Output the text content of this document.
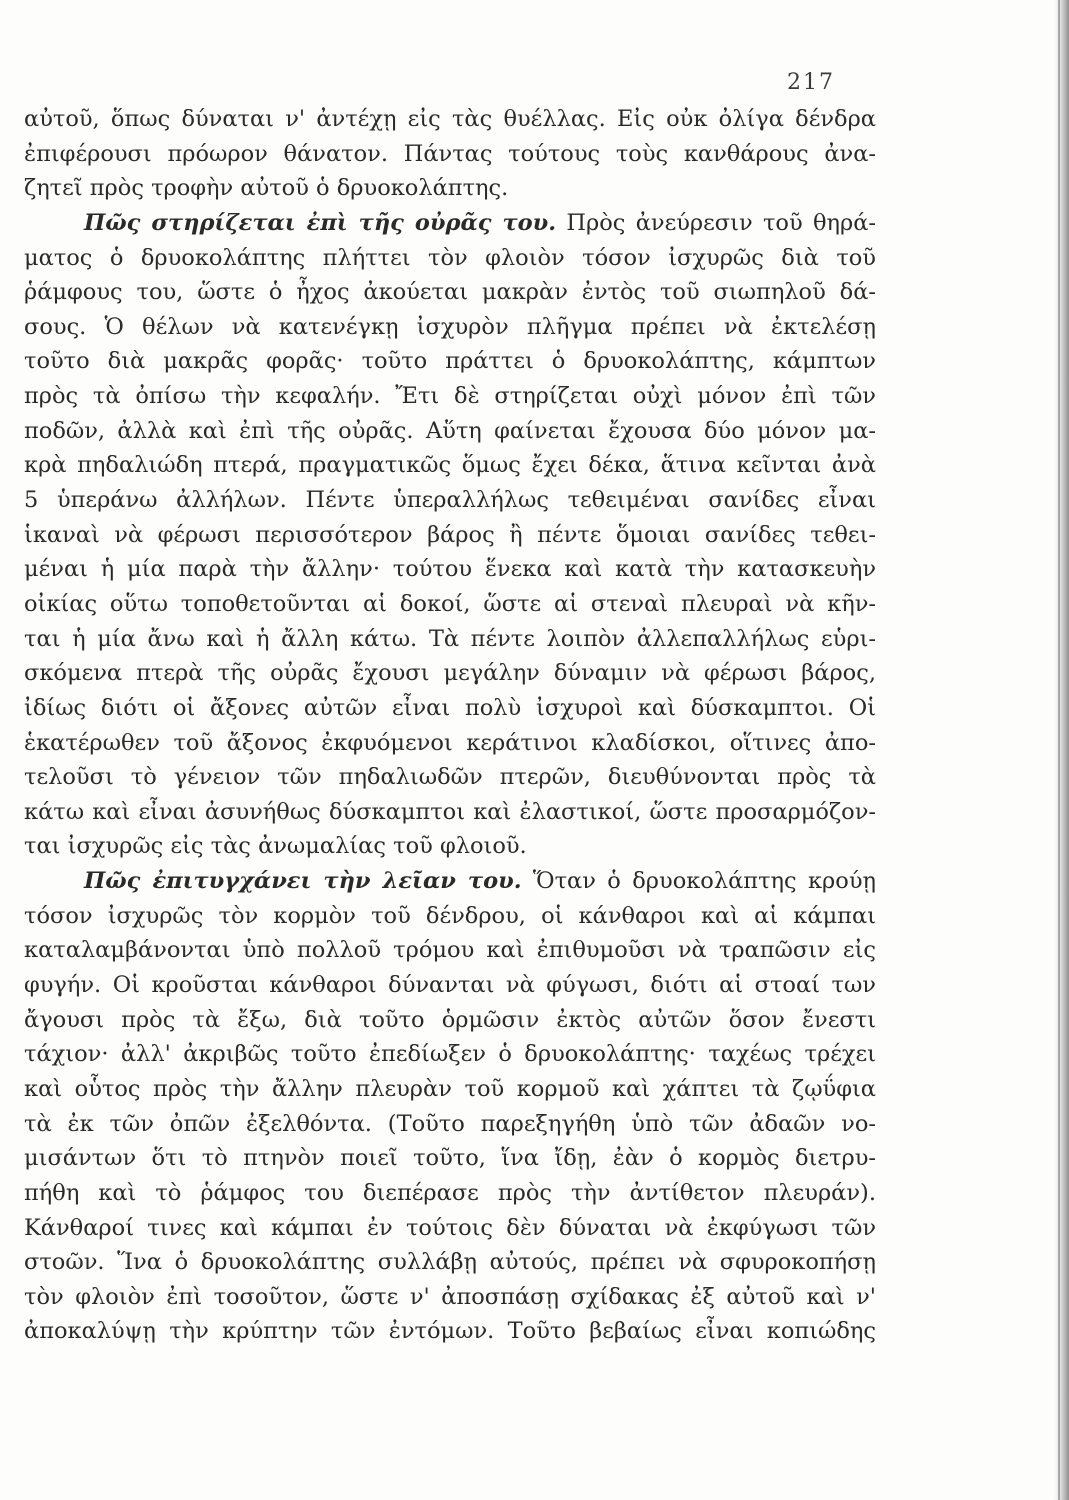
217
αὐτοῦ, ὅπως δύναται ν' ἀντέχῃ εἰς τὰς θυέλλας. Εἰς οὐκ ὀλίγα δένδρα
ἐπιφέρουσι πρόωρον θάνατον. Πάντας τούτους τοὺς κανθάρους ἀνα-
ζητεῖ πρὸς τροφὴν αὐτοῦ ὁ δρυοκολάπτης.
Πῶς στηρίζεται ἐπὶ τῆς οὐρᾶς του. Πρὸς ἀνεύρεσιν τοῦ θηρά-
ματος ὁ δρυοκολάπτης πλήττει τὸν φλοιὸν τόσον ἰσχυρῶς διὰ τοῦ
ῥάμφους του, ὥστε ὁ ἦχος ἀκούεται μακρὰν ἐντὸς τοῦ σιωπηλοῦ δά-
σους. Ὁ θέλων νὰ κατενέγκῃ ἰσχυρὸν πλῆγμα πρέπει νὰ ἐκτελέσῃ
τοῦτο διὰ μακρᾶς φορᾶς· τοῦτο πράττει ὁ δρυοκολάπτης, κάμπτων
πρὸς τὰ ὀπίσω τὴν κεφαλήν. Ἔτι δὲ στηρίζεται οὐχὶ μόνον ἐπὶ τῶν
ποδῶν, ἀλλὰ καὶ ἐπὶ τῆς οὐρᾶς. Αὕτη φαίνεται ἔχουσα δύο μόνον μα-
κρὰ πηδαλιώδη πτερά, πραγματικῶς ὅμως ἔχει δέκα, ἅτινα κεῖνται ἀνὰ
5 ὑπεράνω ἀλλήλων. Πέντε ὑπεραλλήλως τεθειμέναι σανίδες εἶναι
ἱκαναὶ νὰ φέρωσι περισσότερον βάρος ἢ πέντε ὅμοιαι σανίδες τεθει-
μέναι ἡ μία παρὰ τὴν ἄλλην· τούτου ἕνεκα καὶ κατὰ τὴν κατασκευὴν
οἰκίας οὕτω τοποθετοῦνται αἱ δοκοί, ὥστε αἱ στεναὶ πλευραὶ νὰ κῆν-
ται ἡ μία ἄνω καὶ ἡ ἄλλη κάτω. Τὰ πέντε λοιπὸν ἀλλεπαλλήλως εὑρι-
σκόμενα πτερὰ τῆς οὐρᾶς ἔχουσι μεγάλην δύναμιν νὰ φέρωσι βάρος,
ἰδίως διότι οἱ ἄξονες αὐτῶν εἶναι πολὺ ἰσχυροὶ καὶ δύσκαμπτοι. Οἱ
ἑκατέρωθεν τοῦ ἄξονος ἐκφυόμενοι κεράτινοι κλαδίσκοι, οἵτινες ἀπο-
τελοῦσι τὸ γένειον τῶν πηδαλιωδῶν πτερῶν, διευθύνονται πρὸς τὰ
κάτω καὶ εἶναι ἀσυνήθως δύσκαμπτοι καὶ ἐλαστικοί, ὥστε προσαρμόζον-
ται ἰσχυρῶς εἰς τὰς ἀνωμαλίας τοῦ φλοιοῦ.
Πῶς ἐπιτυγχάνει τὴν λεῖαν του. Ὅταν ὁ δρυοκολάπτης κρούῃ
τόσον ἰσχυρῶς τὸν κορμὸν τοῦ δένδρου, οἱ κάνθαροι καὶ αἱ κάμπαι
καταλαμβάνονται ὑπὸ πολλοῦ τρόμου καὶ ἐπιθυμοῦσι νὰ τραπῶσιν εἰς
φυγήν. Οἱ κροῦσται κάνθαροι δύνανται νὰ φύγωσι, διότι αἱ στοαί των
ἄγουσι πρὸς τὰ ἔξω, διὰ τοῦτο ὁρμῶσιν ἐκτὸς αὐτῶν ὅσον ἔνεστι
τάχιον· ἀλλ' ἀκριβῶς τοῦτο ἐπεδίωξεν ὁ δρυοκολάπτης· ταχέως τρέχει
καὶ οὗτος πρὸς τὴν ἄλλην πλευρὰν τοῦ κορμοῦ καὶ χάπτει τὰ ζῳΰφια
τὰ ἐκ τῶν ὀπῶν ἐξελθόντα. (Τοῦτο παρεξηγήθη ὑπὸ τῶν ἀδαῶν νο-
μισάντων ὅτι τὸ πτηνὸν ποιεῖ τοῦτο, ἵνα ἴδῃ, ἐὰν ὁ κορμὸς διετρυ-
πήθη καὶ τὸ ῥάμφος του διεπέρασε πρὸς τὴν ἀντίθετον πλευράν).
Κάνθαροί τινες καὶ κάμπαι ἐν τούτοις δὲν δύναται νὰ ἐκφύγωσι τῶν
στοῶν. Ἵνα ὁ δρυοκολάπτης συλλάβῃ αὐτούς, πρέπει νὰ σφυροκοπήσῃ
τὸν φλοιὸν ἐπὶ τοσοῦτον, ὥστε ν' ἀποσπάσῃ σχίδακας ἐξ αὐτοῦ καὶ ν'
ἀποκαλύψῃ τὴν κρύπτην τῶν ἐντόμων. Τοῦτο βεβαίως εἶναι κοπιώδης
